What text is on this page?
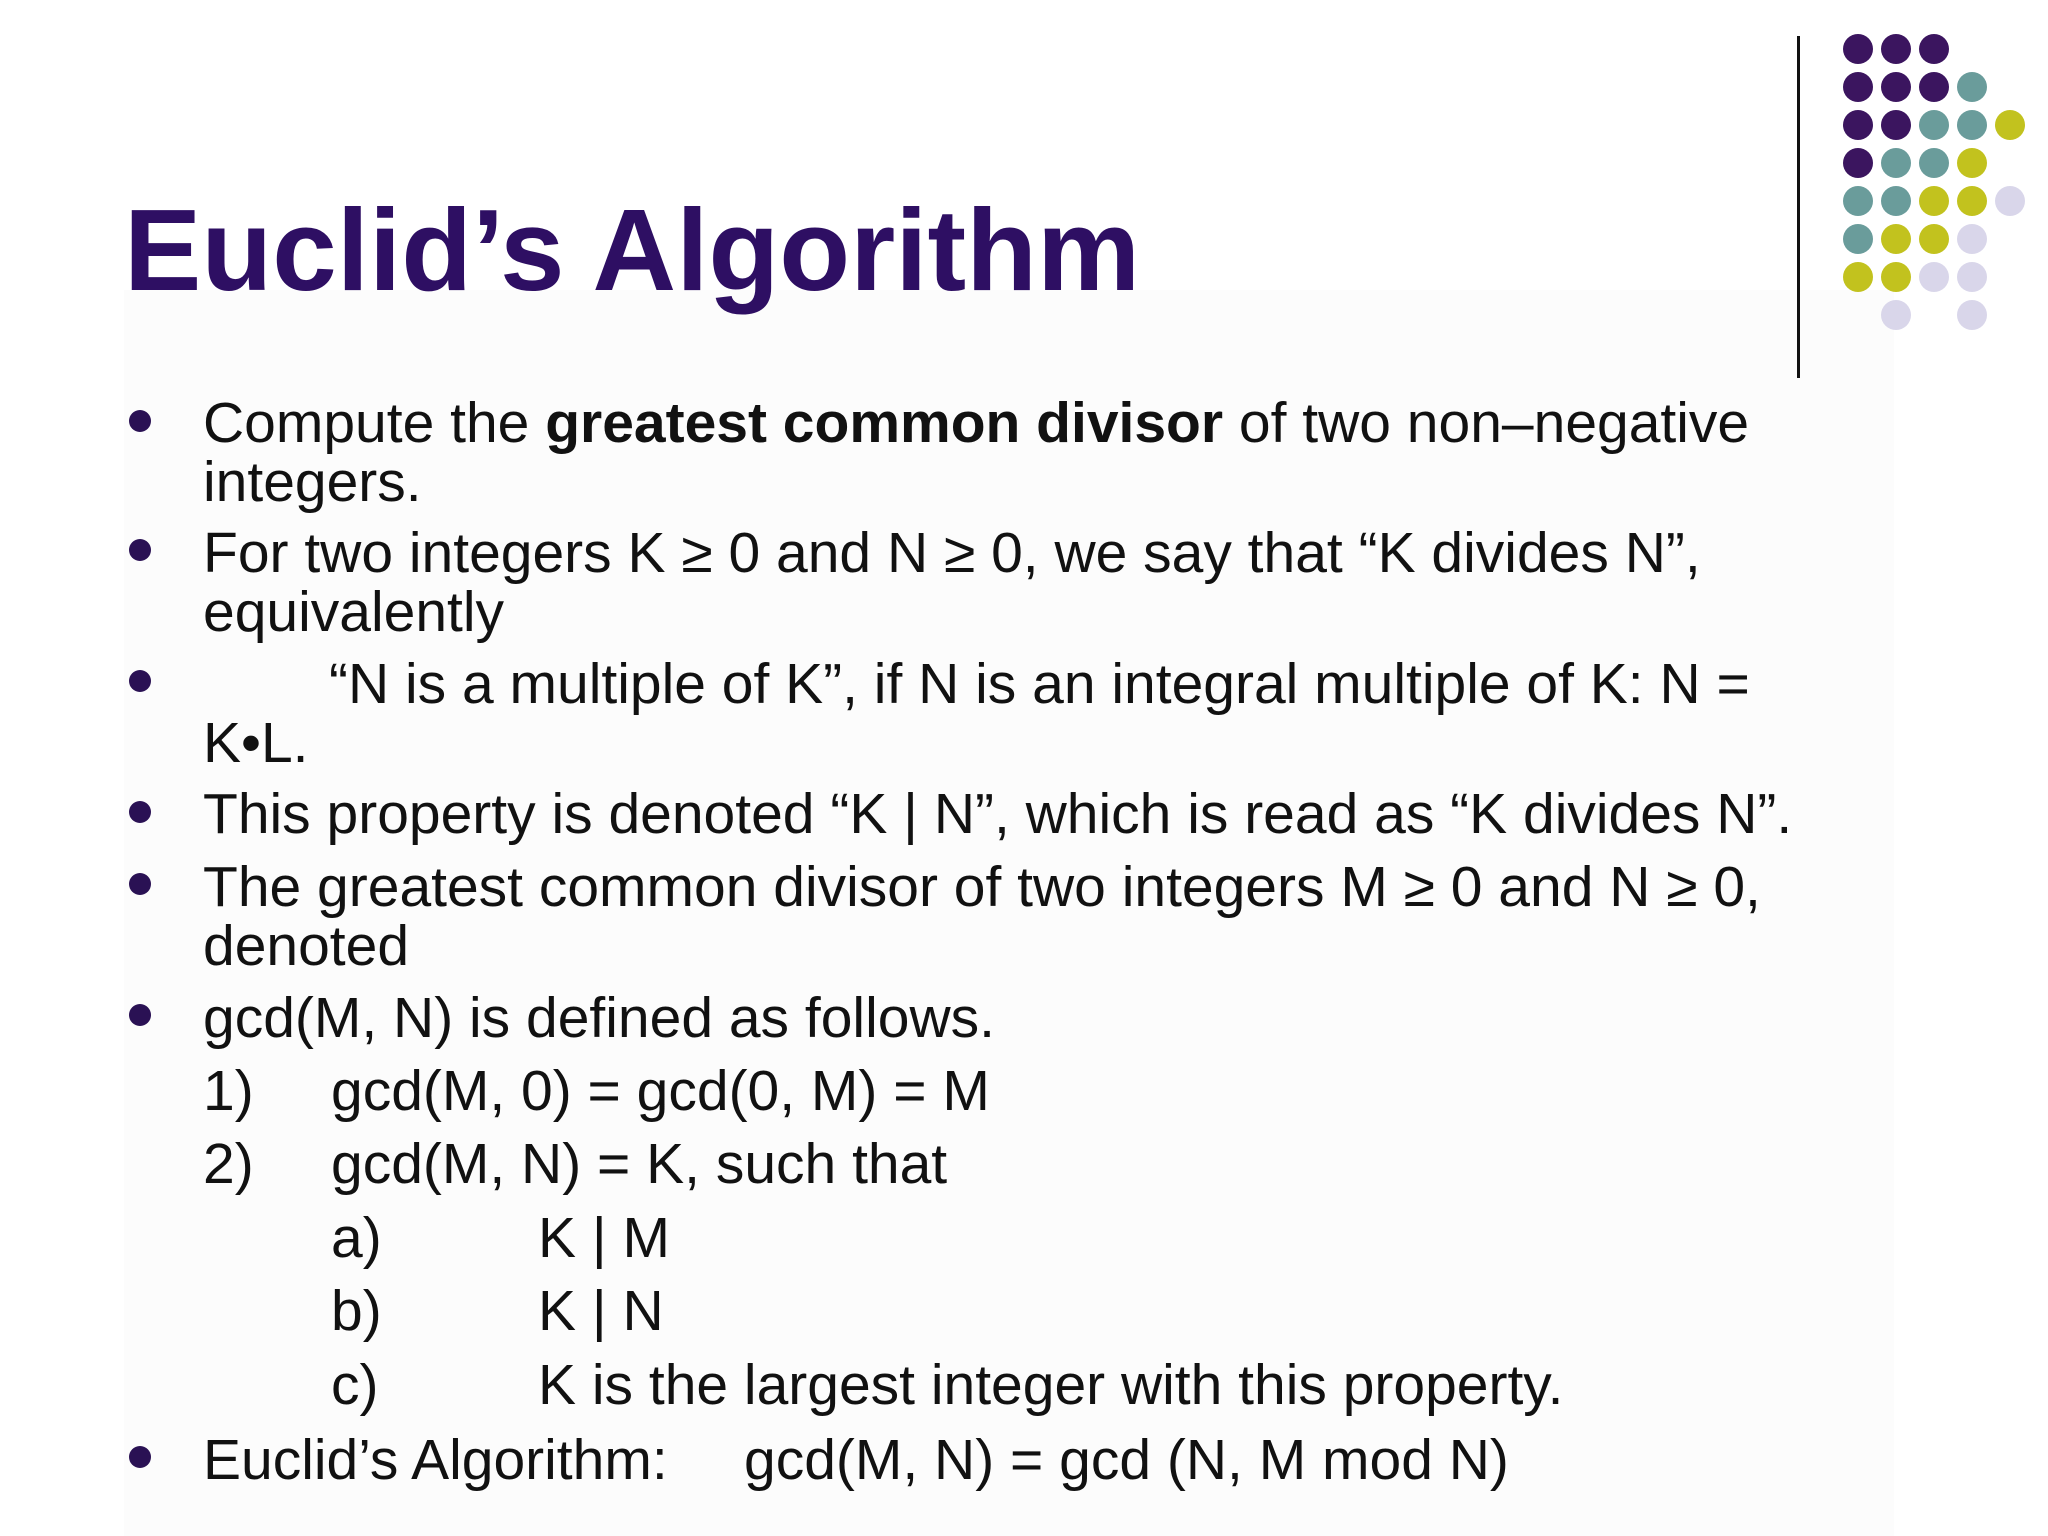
Euclid’s Algorithm
Compute the greatest common divisor of two non–negative
integers.
For two integers K ≥ 0 and N ≥ 0, we say that “K divides N”,
equivalently
“N is a multiple of K”, if N is an integral multiple of K: N =
K•L.
This property is denoted “K | N”, which is read as “K divides N”.
The greatest common divisor of two integers M ≥ 0 and N ≥ 0,
denoted
gcd(M, N) is defined as follows.
1) gcd(M, 0) = gcd(0, M) = M
2) gcd(M, N) = K, such that
a)	K | M
b)	K | N
c)	K is the largest integer with this property.
Euclid’s Algorithm: gcd(M, N) = gcd (N, M mod N)
